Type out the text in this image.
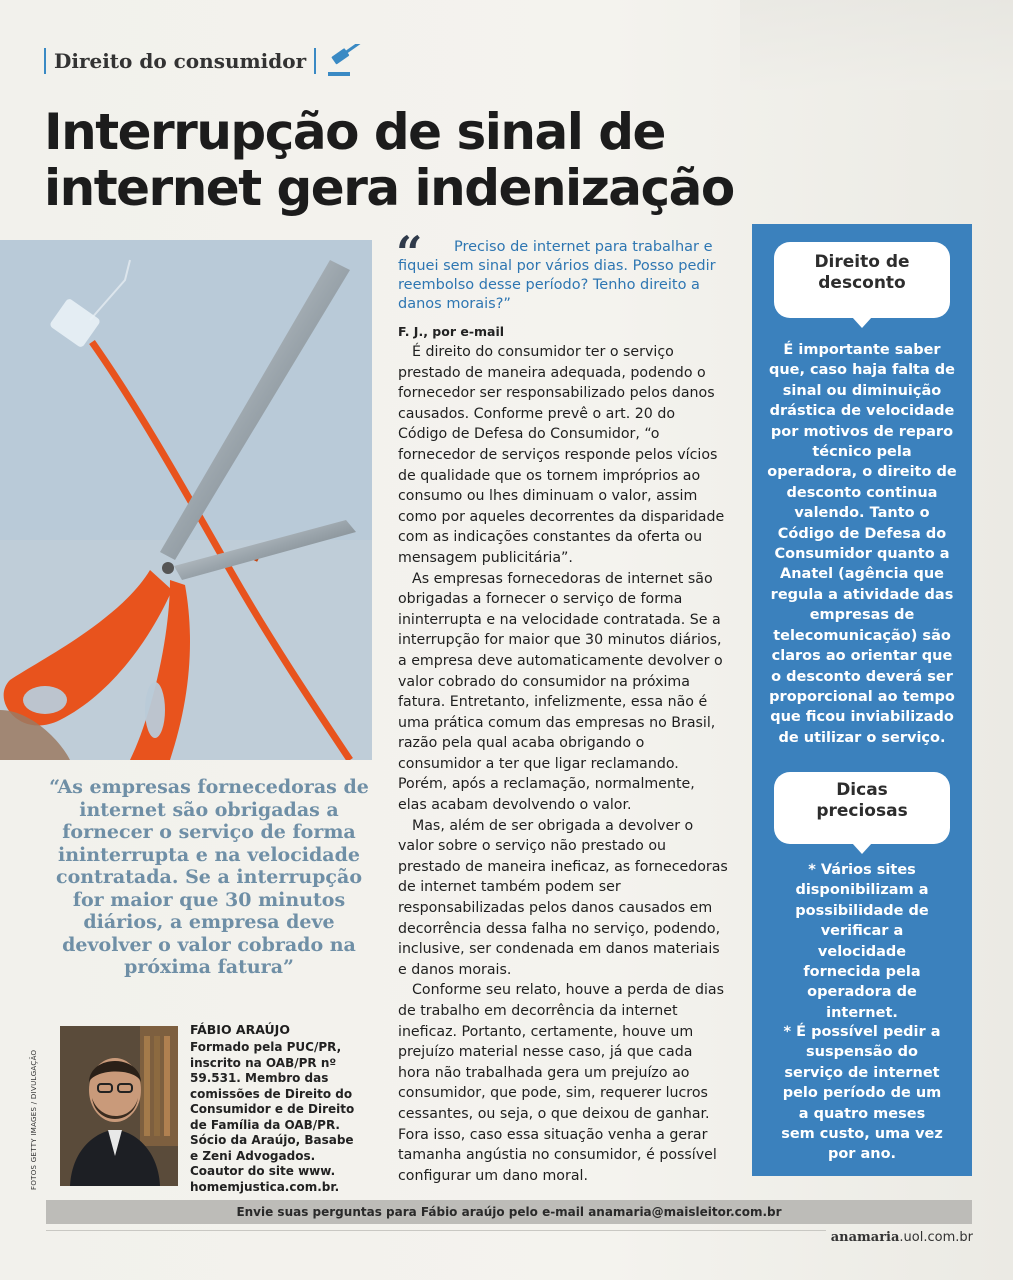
Direito do consumidor
Interrupção de sinal de
internet gera indenização
“	Preciso de internet para trabalhar e fiquei sem sinal por vários dias. Posso pedir reembolso desse período? Tenho direito a danos morais?”
F. J., por e-mail

É direito do consumidor ter o serviço prestado de maneira adequada, podendo o fornecedor ser responsabilizado pelos danos causados. Conforme prevê o art. 20 do Código de Defesa do Consumidor, “o fornecedor de serviços responde pelos vícios de qualidade que os tornem impróprios ao consumo ou lhes diminuam o valor, assim como por aqueles decorrentes da disparidade com as indicações constantes da oferta ou mensagem publicitária”.

As empresas fornecedoras de internet são obrigadas a fornecer o serviço de forma ininterrupta e na velocidade contratada. Se a interrupção for maior que 30 minutos diários, a empresa deve automaticamente devolver o valor cobrado do consumidor na próxima fatura. Entretanto, infelizmente, essa não é uma prática comum das empresas no Brasil, razão pela qual acaba obrigando o consumidor a ter que ligar reclamando. Porém, após a reclamação, normalmente, elas acabam devolvendo o valor.

Mas, além de ser obrigada a devolver o valor sobre o serviço não prestado ou prestado de maneira ineficaz, as fornecedoras de internet também podem ser responsabilizadas pelos danos causados em decorrência dessa falha no serviço, podendo, inclusive, ser condenada em danos materiais e danos morais.

Conforme seu relato, houve a perda de dias de trabalho em decorrência da internet ineficaz. Portanto, certamente, houve um prejuízo material nesse caso, já que cada hora não trabalhada gera um prejuízo ao consumidor, que pode, sim, requerer lucros cessantes, ou seja, o que deixou de ganhar. Fora isso, caso essa situação venha a gerar tamanha angústia no consumidor, é possível configurar um dano moral.

“As empresas fornecedoras de internet são obrigadas a fornecer o serviço de forma ininterrupta e na velocidade contratada. Se a interrupção for maior que 30 minutos diários, a empresa deve devolver o valor cobrado na próxima fatura”
FOTOS GETTY IMAGES / DIVULGAÇÃO
FÁBIO ARAÚJO
Formado pela PUC/PR, inscrito na OAB/PR nº 59.531. Membro das comissões de Direito do Consumidor e de Direito de Família da OAB/PR. Sócio da Araújo, Basabe e Zeni Advogados. Coautor do site www. homemjustica.com.br.
Direito de desconto
É importante saber que, caso haja falta de sinal ou diminuição drástica de velocidade por motivos de reparo técnico pela operadora, o direito de desconto continua valendo. Tanto o Código de Defesa do Consumidor quanto a Anatel (agência que regula a atividade das empresas de telecomunicação) são claros ao orientar que o desconto deverá ser proporcional ao tempo que ficou inviabilizado de utilizar o serviço.
Dicas preciosas
* Vários sites disponibilizam a possibilidade de verificar a velocidade fornecida pela operadora de internet.
* É possível pedir a suspensão do serviço de internet pelo período de um a quatro meses sem custo, uma vez por ano.
Envie suas perguntas para Fábio araújo pelo e-mail anamaria@maisleitor.com.br
anamaria.uol.com.br
